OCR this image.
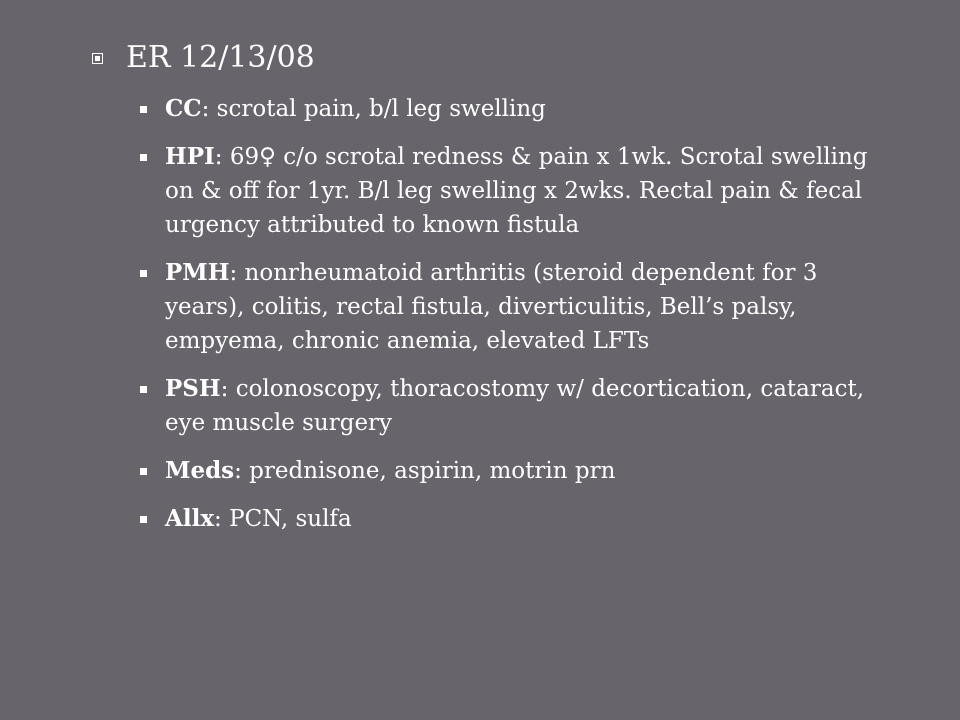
ER 12/13/08
CC: scrotal pain, b/l leg swelling
HPI: 69♀ c/o scrotal redness & pain x 1wk. Scrotal swelling on & off for 1yr. B/l leg swelling x 2wks. Rectal pain & fecal urgency attributed to known fistula
PMH: nonrheumatoid arthritis (steroid dependent for 3 years), colitis, rectal fistula, diverticulitis, Bell’s palsy, empyema, chronic anemia, elevated LFTs
PSH: colonoscopy, thoracostomy w/ decortication, cataract, eye muscle surgery
Meds: prednisone, aspirin, motrin prn
Allx: PCN, sulfa
